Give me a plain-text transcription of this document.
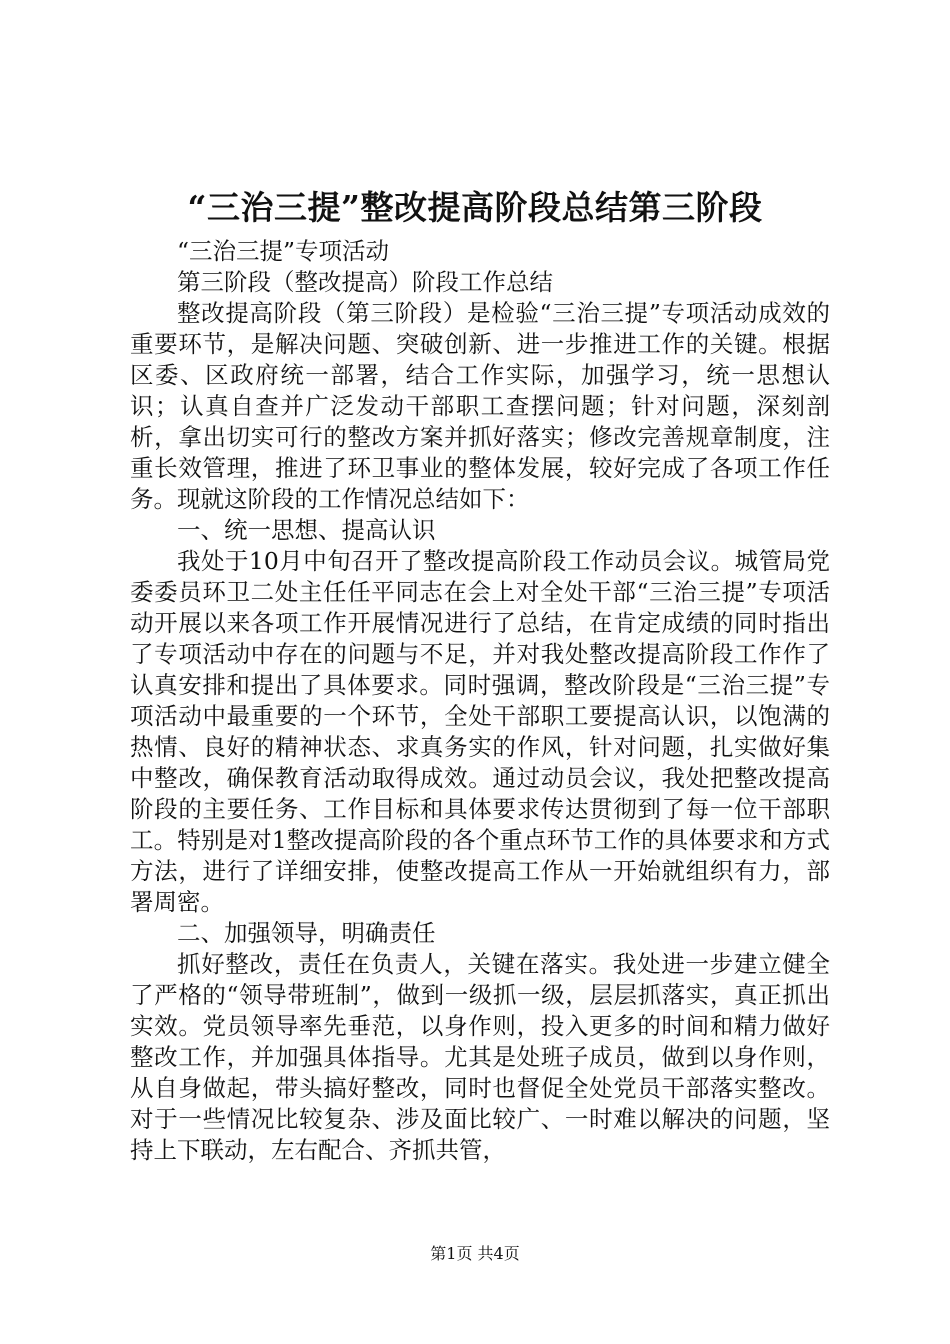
“三治三提”整改提高阶段总结第三阶段

“三治三提”专项活动

第三阶段（整改提高）阶段工作总结

整改提高阶段（第三阶段）是检验“三治三提”专项活动成效的重要环节，是解决问题、突破创新、进一步推进工作的关键。根据区委、区政府统一部署，结合工作实际，加强学习，统一思想认识；认真自查并广泛发动干部职工查摆问题；针对问题，深刻剖析，拿出切实可行的整改方案并抓好落实；修改完善规章制度，注重长效管理，推进了环卫事业的整体发展，较好完成了各项工作任务。现就这阶段的工作情况总结如下：

一、统一思想、提高认识

我处于10月中旬召开了整改提高阶段工作动员会议。城管局党委委员环卫二处主任任平同志在会上对全处干部“三治三提”专项活动开展以来各项工作开展情况进行了总结，在肯定成绩的同时指出了专项活动中存在的问题与不足，并对我处整改提高阶段工作作了认真安排和提出了具体要求。同时强调，整改阶段是“三治三提”专项活动中最重要的一个环节，全处干部职工要提高认识，以饱满的热情、良好的精神状态、求真务实的作风，针对问题，扎实做好集中整改，确保教育活动取得成效。通过动员会议，我处把整改提高阶段的主要任务、工作目标和具体要求传达贯彻到了每一位干部职工。特别是对1整改提高阶段的各个重点环节工作的具体要求和方式方法，进行了详细安排，使整改提高工作从一开始就组织有力，部署周密。

二、加强领导，明确责任

抓好整改，责任在负责人，关键在落实。我处进一步建立健全了严格的“领导带班制”，做到一级抓一级，层层抓落实，真正抓出实效。党员领导率先垂范，以身作则，投入更多的时间和精力做好整改工作，并加强具体指导。尤其是处班子成员，做到以身作则，从自身做起，带头搞好整改，同时也督促全处党员干部落实整改。对于一些情况比较复杂、涉及面比较广、一时难以解决的问题，坚持上下联动，左右配合、齐抓共管，

第1页 共4页
